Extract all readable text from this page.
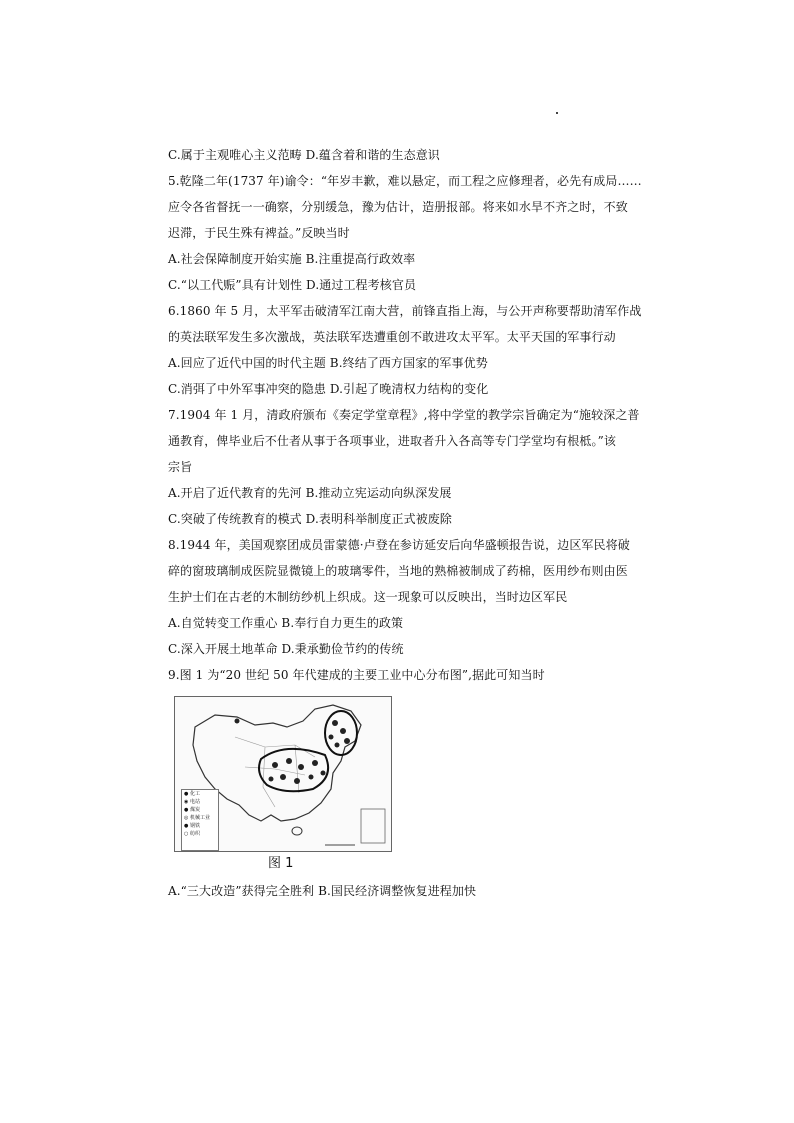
C.属于主观唯心主义范畴 D.蕴含着和谐的生态意识
5.乾隆二年(1737 年)谕令：“年岁丰歉，难以悬定，而工程之应修理者，必先有成局……
应令各省督抚一一确察，分别缓急，豫为估计，造册报部。将来如水旱不齐之时，不致
迟滞，于民生殊有裨益。”反映当时
A.社会保障制度开始实施 B.注重提高行政效率
C.“以工代赈”具有计划性 D.通过工程考核官员
6.1860 年 5 月，太平军击破清军江南大营，前锋直指上海，与公开声称要帮助清军作战
的英法联军发生多次激战，英法联军迭遭重创不敢进攻太平军。太平天国的军事行动
A.回应了近代中国的时代主题 B.终结了西方国家的军事优势
C.消弭了中外军事冲突的隐患 D.引起了晚清权力结构的变化
7.1904 年 1 月，清政府颁布《奏定学堂章程》,将中学堂的教学宗旨确定为“施较深之普
通教育，俾毕业后不仕者从事于各项事业，进取者升入各高等专门学堂均有根柢。”该
宗旨
A.开启了近代教育的先河 B.推动立宪运动向纵深发展
C.突破了传统教育的模式 D.表明科举制度正式被废除
8.1944 年，美国观察团成员雷蒙德·卢登在参访延安后向华盛顿报告说，边区军民将破
碎的窗玻璃制成医院显微镜上的玻璃零件，当地的熟棉被制成了药棉，医用纱布则由医
生护士们在古老的木制纺纱机上织成。这一现象可以反映出，当时边区军民
A.自觉转变工作重心 B.奉行自力更生的政策
C.深入开展土地革命 D.秉承勤俭节约的传统
9.图 1 为“20 世纪 50 年代建成的主要工业中心分布图”,据此可知当时
● 化工
◉ 电站
● 煤炭
◎ 机械工业
● 钢铁
○ 纺织
图 1
A.“三大改造”获得完全胜利 B.国民经济调整恢复进程加快
